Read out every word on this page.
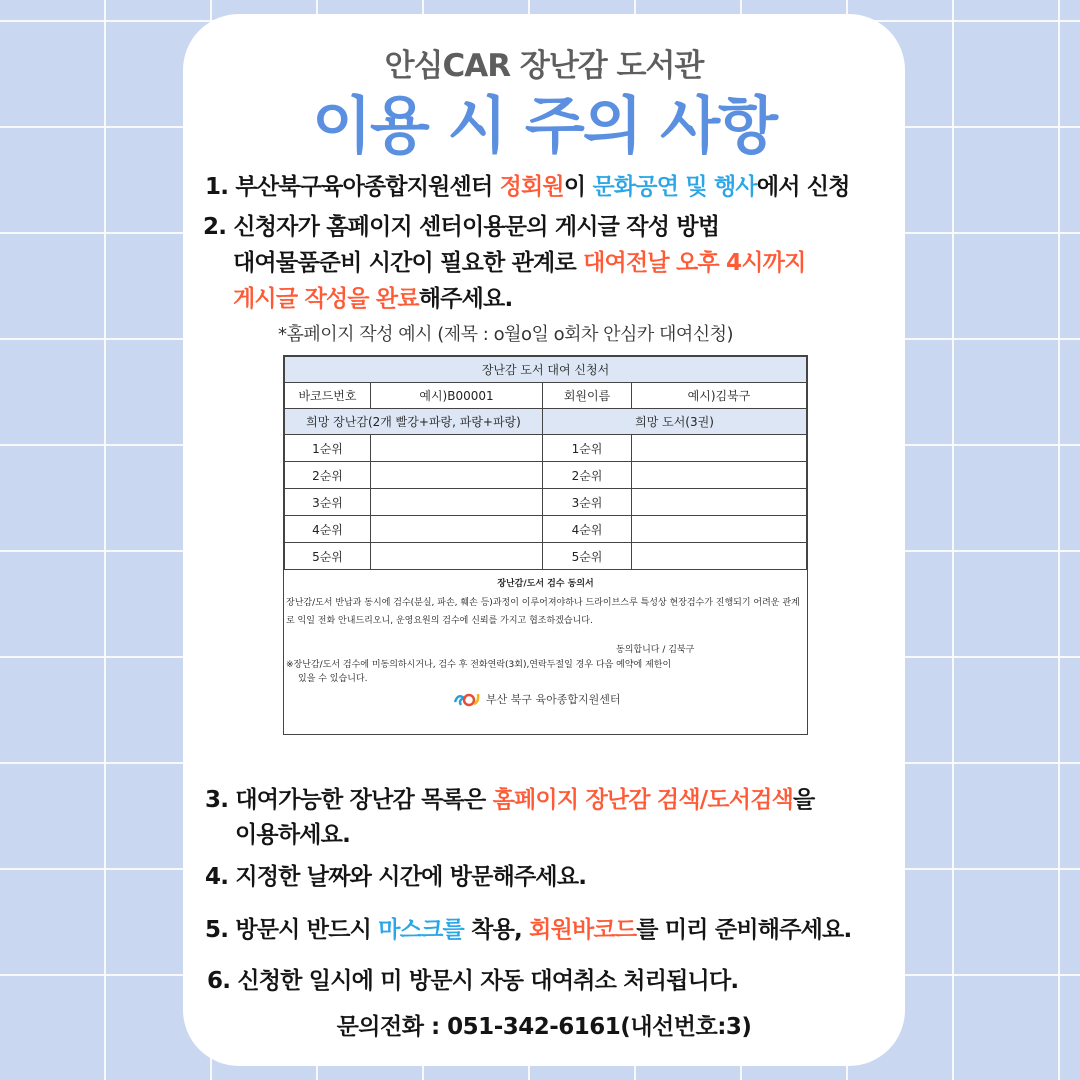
안심CAR 장난감 도서관
이용 시 주의 사항
1. 부산북구육아종합지원센터 정회원이 문화공연 및 행사에서 신청
2. 신청자가 홈페이지 센터이용문의 게시글 작성 방법
대여물품준비 시간이 필요한 관계로 대여전날 오후 4시까지
게시글 작성을 완료해주세요.
*홈페이지 작성 예시 (제목 : o월o일 o회차 안심카 대여신청)
장난감 도서 대여 신청서			
바코드번호	예시)B00001	회원이름	예시)김북구
희망 장난감(2개 빨강+파랑, 파랑+파랑)		희망 도서(3권)	
1순위		1순위	
2순위		2순위	
3순위		3순위	
4순위		4순위	
5순위		5순위	
장난감/도서 검수 동의서
장난감/도서 반납과 동시에 검수(분실, 파손, 훼손 등)과정이 이루어져야하나 드라이브스루 특성상 현장검수가 진행되기 어려운 관계로 익일 전화 안내드리오니, 운영요원의 검수에 신뢰를 가지고 협조하겠습니다.
동의합니다 / 김북구
※장난감/도서 검수에 미동의하시거나, 검수 후 전화연락(3회),연락두절일 경우 다음 예약에 제한이
있을 수 있습니다.
부산 북구 육아종합지원센터
3. 대여가능한 장난감 목록은 홈페이지 장난감 검색/도서검색을
이용하세요.
4. 지정한 날짜와 시간에 방문해주세요.
5. 방문시 반드시 마스크를 착용, 회원바코드를 미리 준비해주세요.
6. 신청한 일시에 미 방문시 자동 대여취소 처리됩니다.
문의전화 : 051-342-6161(내선번호:3)
